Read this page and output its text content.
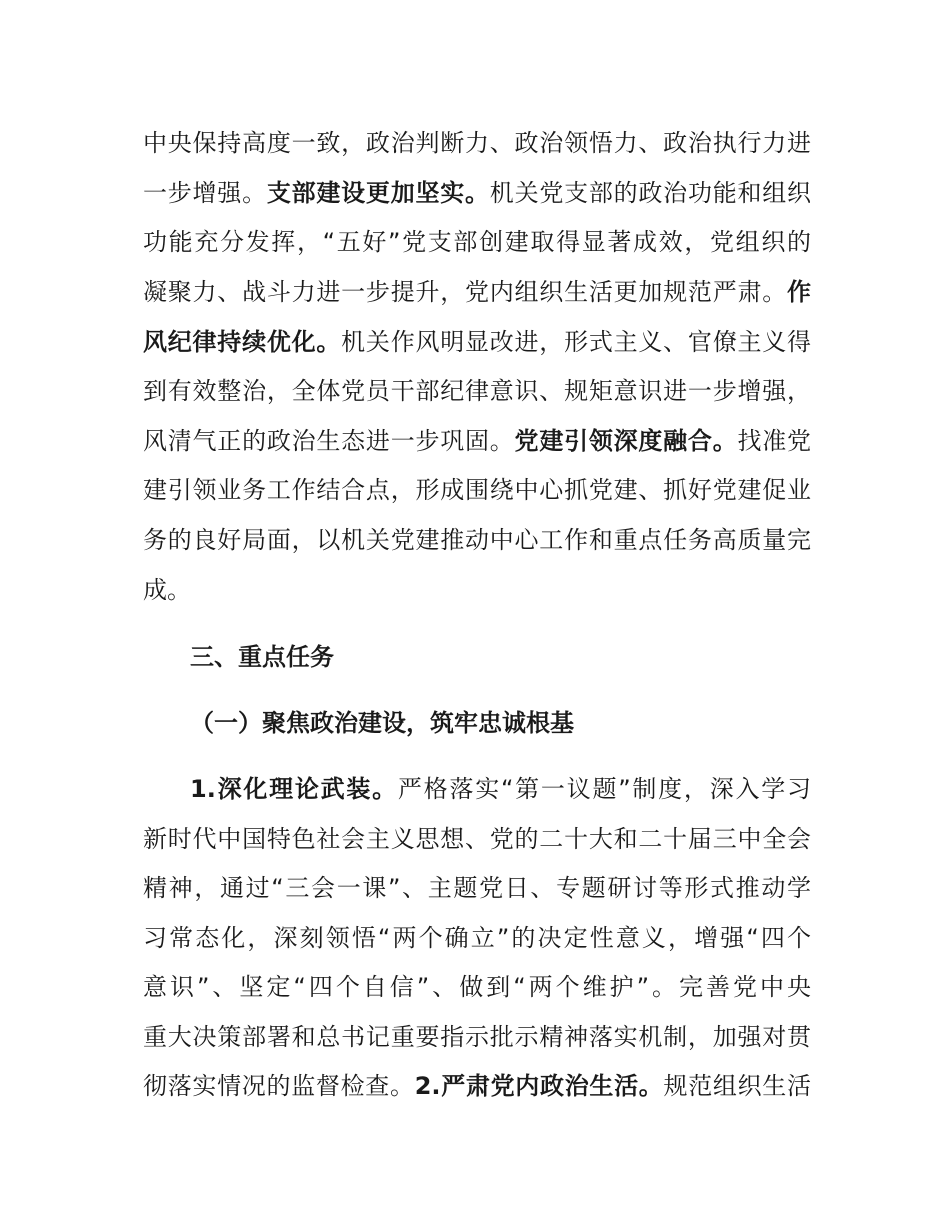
中央保持高度一致，政治判断力、政治领悟力、政治执行力进
一步增强。支部建设更加坚实。机关党支部的政治功能和组织
功能充分发挥，“五好”党支部创建取得显著成效，党组织的
凝聚力、战斗力进一步提升，党内组织生活更加规范严肃。作
风纪律持续优化。机关作风明显改进，形式主义、官僚主义得
到有效整治，全体党员干部纪律意识、规矩意识进一步增强，
风清气正的政治生态进一步巩固。党建引领深度融合。找准党
建引领业务工作结合点，形成围绕中心抓党建、抓好党建促业
务的良好局面，以机关党建推动中心工作和重点任务高质量完
成。
三、重点任务
（一）聚焦政治建设，筑牢忠诚根基
1.深化理论武装。严格落实“第一议题”制度，深入学习
新时代中国特色社会主义思想、党的二十大和二十届三中全会
精神，通过“三会一课”、主题党日、专题研讨等形式推动学
习常态化，深刻领悟“两个确立”的决定性意义，增强“四个
意识”、坚定“四个自信”、做到“两个维护”。完善党中央
重大决策部署和总书记重要指示批示精神落实机制，加强对贯
彻落实情况的监督检查。2.严肃党内政治生活。规范组织生活
